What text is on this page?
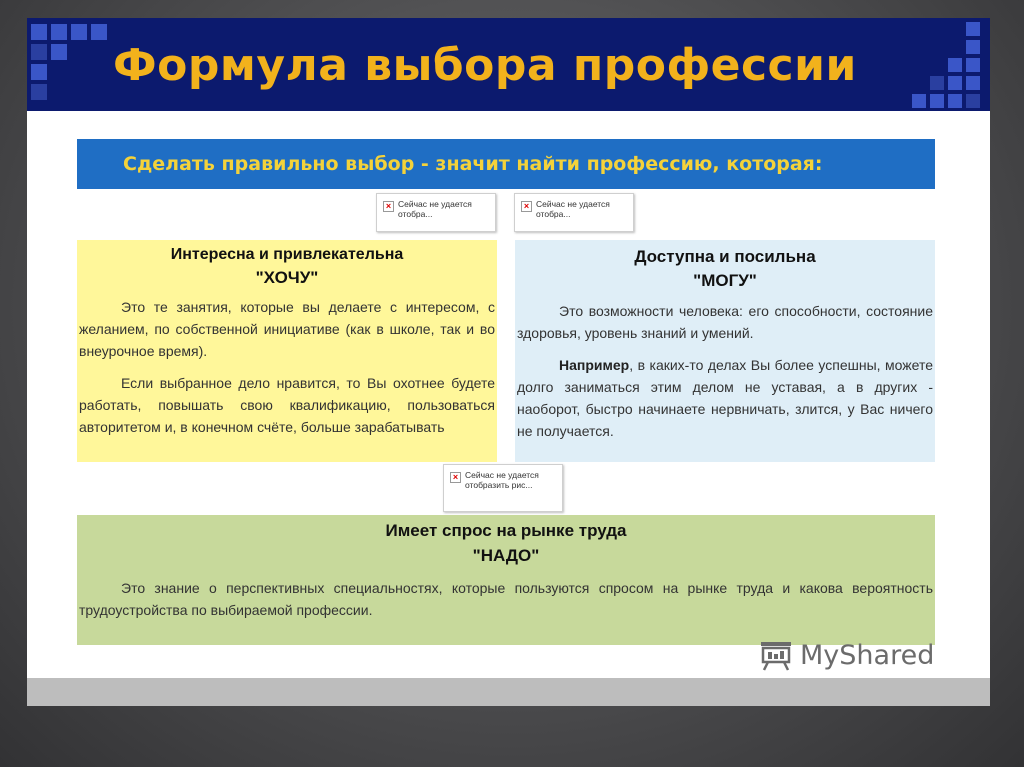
Формула выбора профессии
Сделать правильно выбор - значит найти профессию, которая:
× Сейчас не удается отобра...
× Сейчас не удается отобра...
× Сейчас не удается отобразить рис...
Интересна и привлекательна
"ХОЧУ"

Это те занятия, которые вы делаете с интересом, с желанием, по собственной инициативе (как в школе, так и во внеурочное время).

Если выбранное дело нравится, то Вы охотнее будете работать, повышать свою квалификацию, пользоваться авторитетом и, в конечном счёте, больше зарабатывать

Доступна и посильна
"МОГУ"

Это возможности человека: его способности, состояние здоровья, уровень знаний и умений.

Например, в каких-то делах Вы более успешны, можете долго заниматься этим делом не уставая, а в других - наоборот, быстро начинаете нервничать, злится, у Вас ничего не получается.

Имеет спрос на рынке труда
"НАДО"

Это знание о перспективных специальностях, которые пользуются спросом на рынке труда и какова вероятность трудоустройства по выбираемой профессии.

MyShared
